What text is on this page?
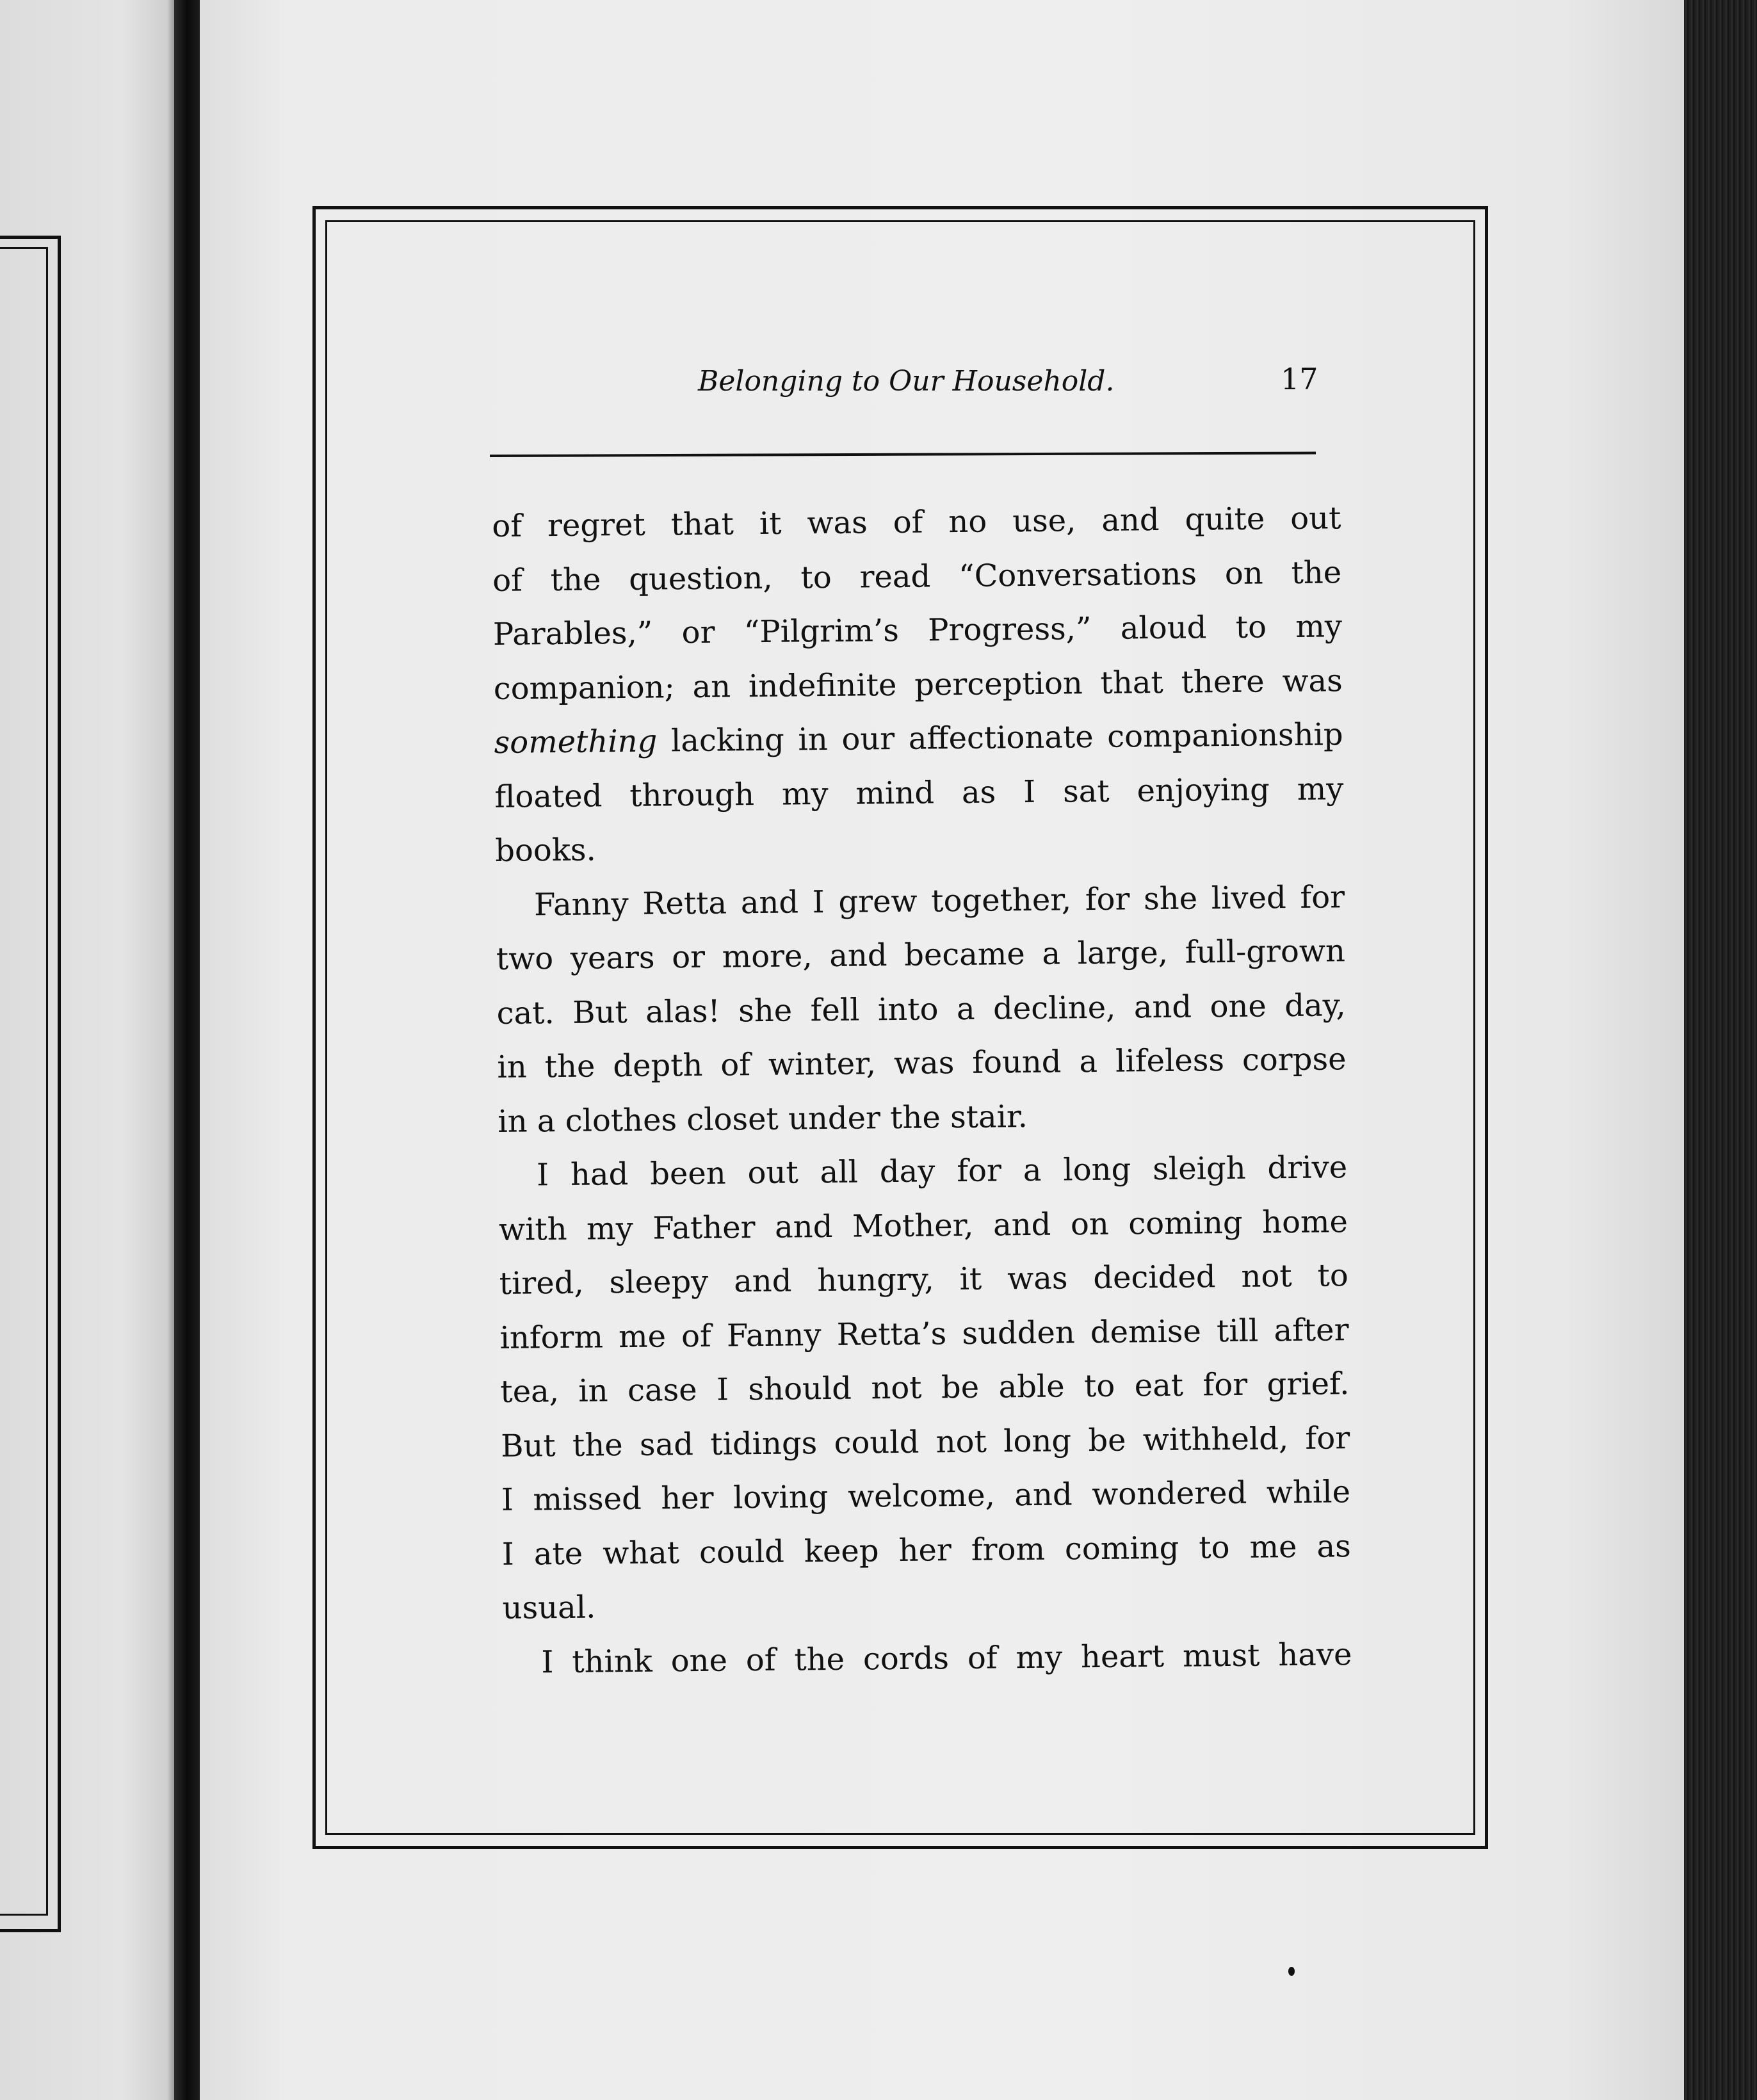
Belonging to Our Household.	17
of regret that it was of no use, and quite out
of the question, to read “Conversations on the
Parables,” or “Pilgrim’s Progress,” aloud to my
companion; an indefinite perception that there was
something lacking in our affectionate companionship
floated through my mind as I sat enjoying my
books.
Fanny Retta and I grew together, for she lived for
two years or more, and became a large, full-grown
cat. But alas! she fell into a decline, and one day,
in the depth of winter, was found a lifeless corpse
in a clothes closet under the stair.
I had been out all day for a long sleigh drive
with my Father and Mother, and on coming home
tired, sleepy and hungry, it was decided not to
inform me of Fanny Retta’s sudden demise till after
tea, in case I should not be able to eat for grief.
But the sad tidings could not long be withheld, for
I missed her loving welcome, and wondered while
I ate what could keep her from coming to me as
usual.
I think one of the cords of my heart must have
